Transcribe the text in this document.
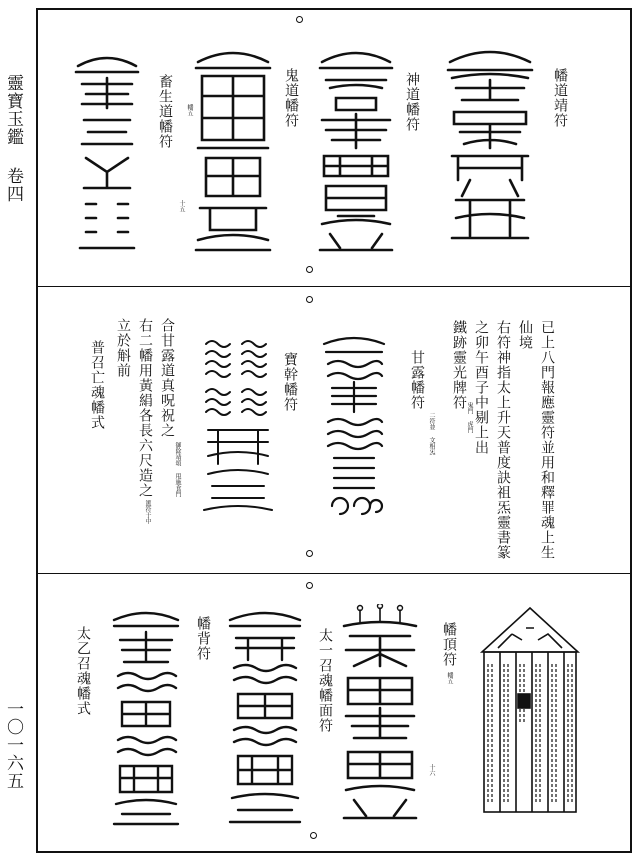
靈寶玉鑑 卷四
一〇一六五
幡道靖符
神道幡符
鬼道幡符
畜生道幡符 幡五
十五
已上八門報應靈符並用和釋罪魂上生
仙境
右符神指太上升天普度訣祖炁靈書篆
之卯午酉子中剔上出
鐵跡靈光牌符
鬼門 虎門
甘露幡符
二符並 文相炁
寶幹幡符
合甘露道真呪祝之
御除靖頌 甩施食門
右二幡用黃絹各長六尺造之
簠符于中
立於斛前
普召亡魂幡式
幡頂符
幡五
十六
太一召魂幡面符
幡背符
太乙召魂幡式
